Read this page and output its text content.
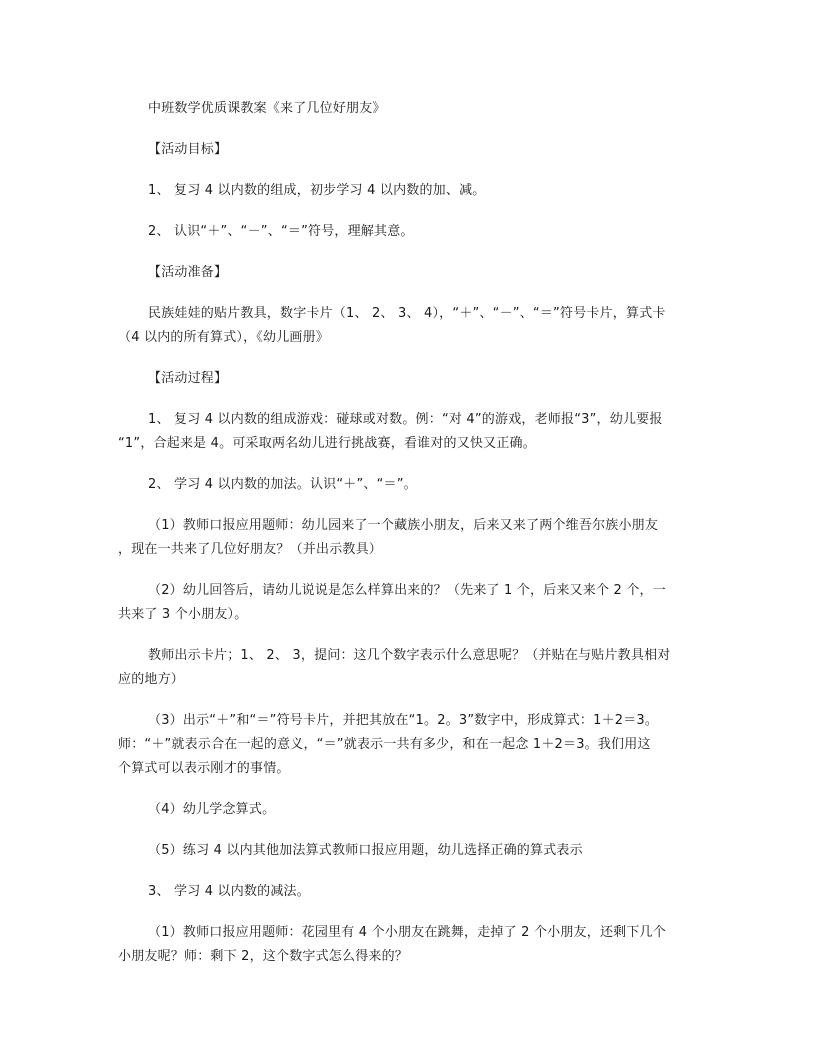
中班数学优质课教案《来了几位好朋友》
【活动目标】
1、 复习 4 以内数的组成，初步学习 4 以内数的加、减。
2、 认识“＋”、“－”、“＝”符号，理解其意。
【活动准备】
民族娃娃的贴片教具，数字卡片（1、 2、 3、 4），“＋”、“－”、“＝”符号卡片，算式卡
（4 以内的所有算式），《幼儿画册》
【活动过程】
1、 复习 4 以内数的组成游戏：碰球或对数。例：“对 4”的游戏，老师报“3”，幼儿要报
“1”，合起来是 4。可采取两名幼儿进行挑战赛，看谁对的又快又正确。
2、 学习 4 以内数的加法。认识“＋”、“＝”。
（1）教师口报应用题师：幼儿园来了一个藏族小朋友，后来又来了两个维吾尔族小朋友
，现在一共来了几位好朋友？（并出示教具）
（2）幼儿回答后，请幼儿说说是怎么样算出来的？（先来了 1 个，后来又来个 2 个，一
共来了 3 个小朋友）。
教师出示卡片；1、 2、 3，提问：这几个数字表示什么意思呢？（并贴在与贴片教具相对
应的地方）
（3）出示“＋”和“＝”符号卡片，并把其放在“1。2。3”数字中，形成算式：1＋2＝3。
师：“＋”就表示合在一起的意义，“＝”就表示一共有多少，和在一起念 1＋2＝3。我们用这
个算式可以表示刚才的事情。
（4）幼儿学念算式。
（5）练习 4 以内其他加法算式教师口报应用题，幼儿选择正确的算式表示
3、 学习 4 以内数的减法。
（1）教师口报应用题师：花园里有 4 个小朋友在跳舞，走掉了 2 个小朋友，还剩下几个
小朋友呢？师：剩下 2，这个数字式怎么得来的？
